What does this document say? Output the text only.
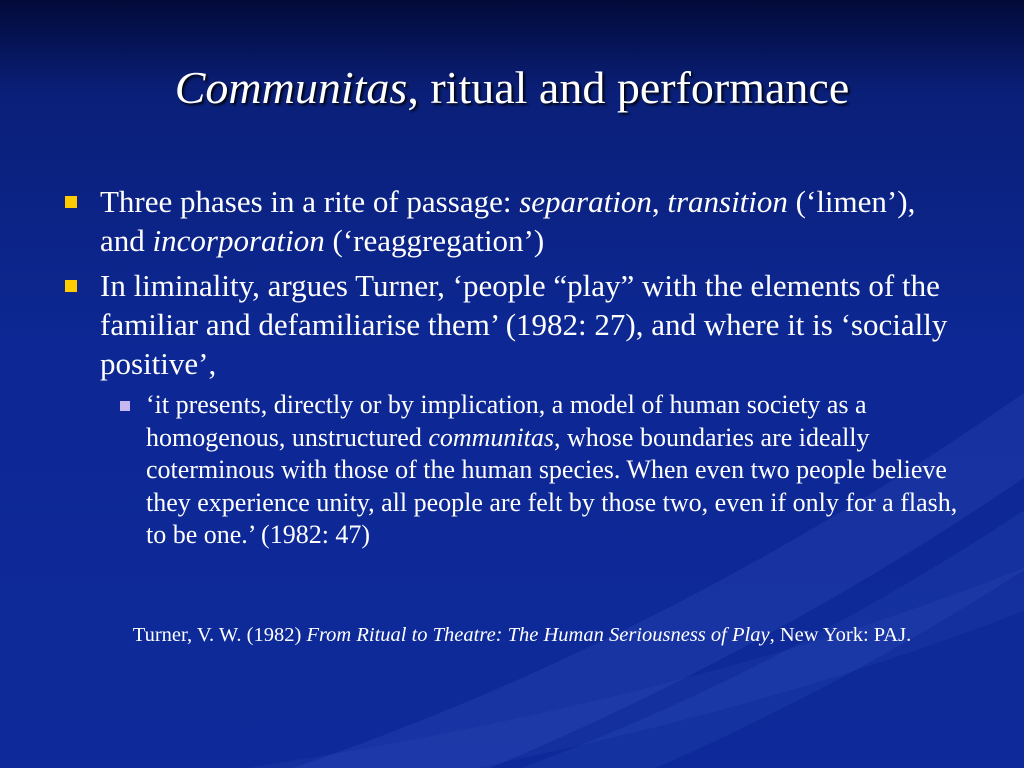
Communitas, ritual and performance
Three phases in a rite of passage: separation, transition (‘limen’), and incorporation (‘reaggregation’)
In liminality, argues Turner, ‘people “play” with the elements of the familiar and defamiliarise them’ (1982: 27), and where it is ‘socially positive’,
‘it presents, directly or by implication, a model of human society as a homogenous, unstructured communitas, whose boundaries are ideally coterminous with those of the human species. When even two people believe they experience unity, all people are felt by those two, even if only for a flash, to be one.’ (1982: 47)
Turner, V. W. (1982) From Ritual to Theatre: The Human Seriousness of Play, New York: PAJ.
